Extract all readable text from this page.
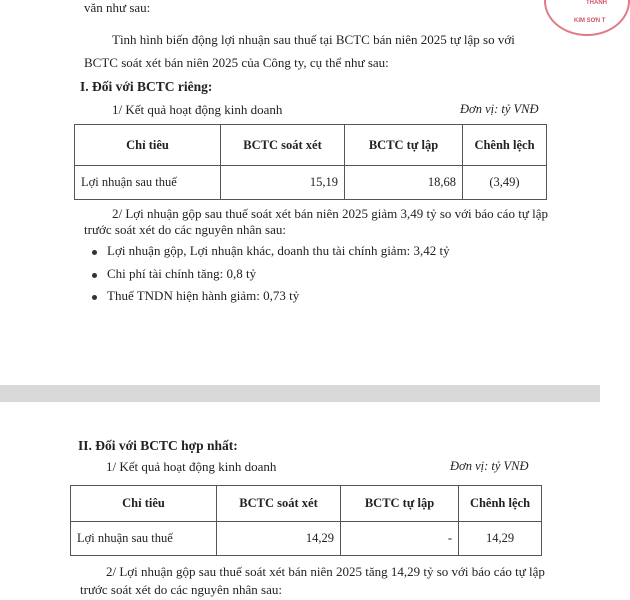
THÀNH
KIM SƠN T
văn như sau:
Tình hình biến động lợi nhuận sau thuế tại BCTC bán niên 2025 tự lập so với
BCTC soát xét bán niên 2025 của Công ty, cụ thể như sau:
I. Đối với BCTC riêng:
1/ Kết quả hoạt động kinh doanh	Đơn vị: tỷ VNĐ
Chỉ tiêu	BCTC soát xét	BCTC tự lập	Chênh lệch
Lợi nhuận sau thuế	15,19	18,68	(3,49)
2/ Lợi nhuận gộp sau thuế soát xét bán niên 2025 giảm 3,49 tỷ so với báo cáo tự lập
trước soát xét do các nguyên nhân sau:
Lợi nhuận gộp, Lợi nhuận khác, doanh thu tài chính giảm: 3,42 tỷ
Chi phí tài chính tăng: 0,8 tỷ
Thuế TNDN hiện hành giảm: 0,73 tỷ
II. Đối với BCTC hợp nhất:
1/ Kết quả hoạt động kinh doanh	Đơn vị: tỷ VNĐ
Chỉ tiêu	BCTC soát xét	BCTC tự lập	Chênh lệch
Lợi nhuận sau thuế	14,29	-	14,29
2/ Lợi nhuận gộp sau thuế soát xét bán niên 2025 tăng 14,29 tỷ so với báo cáo tự lập
trước soát xét do các nguyên nhân sau:
